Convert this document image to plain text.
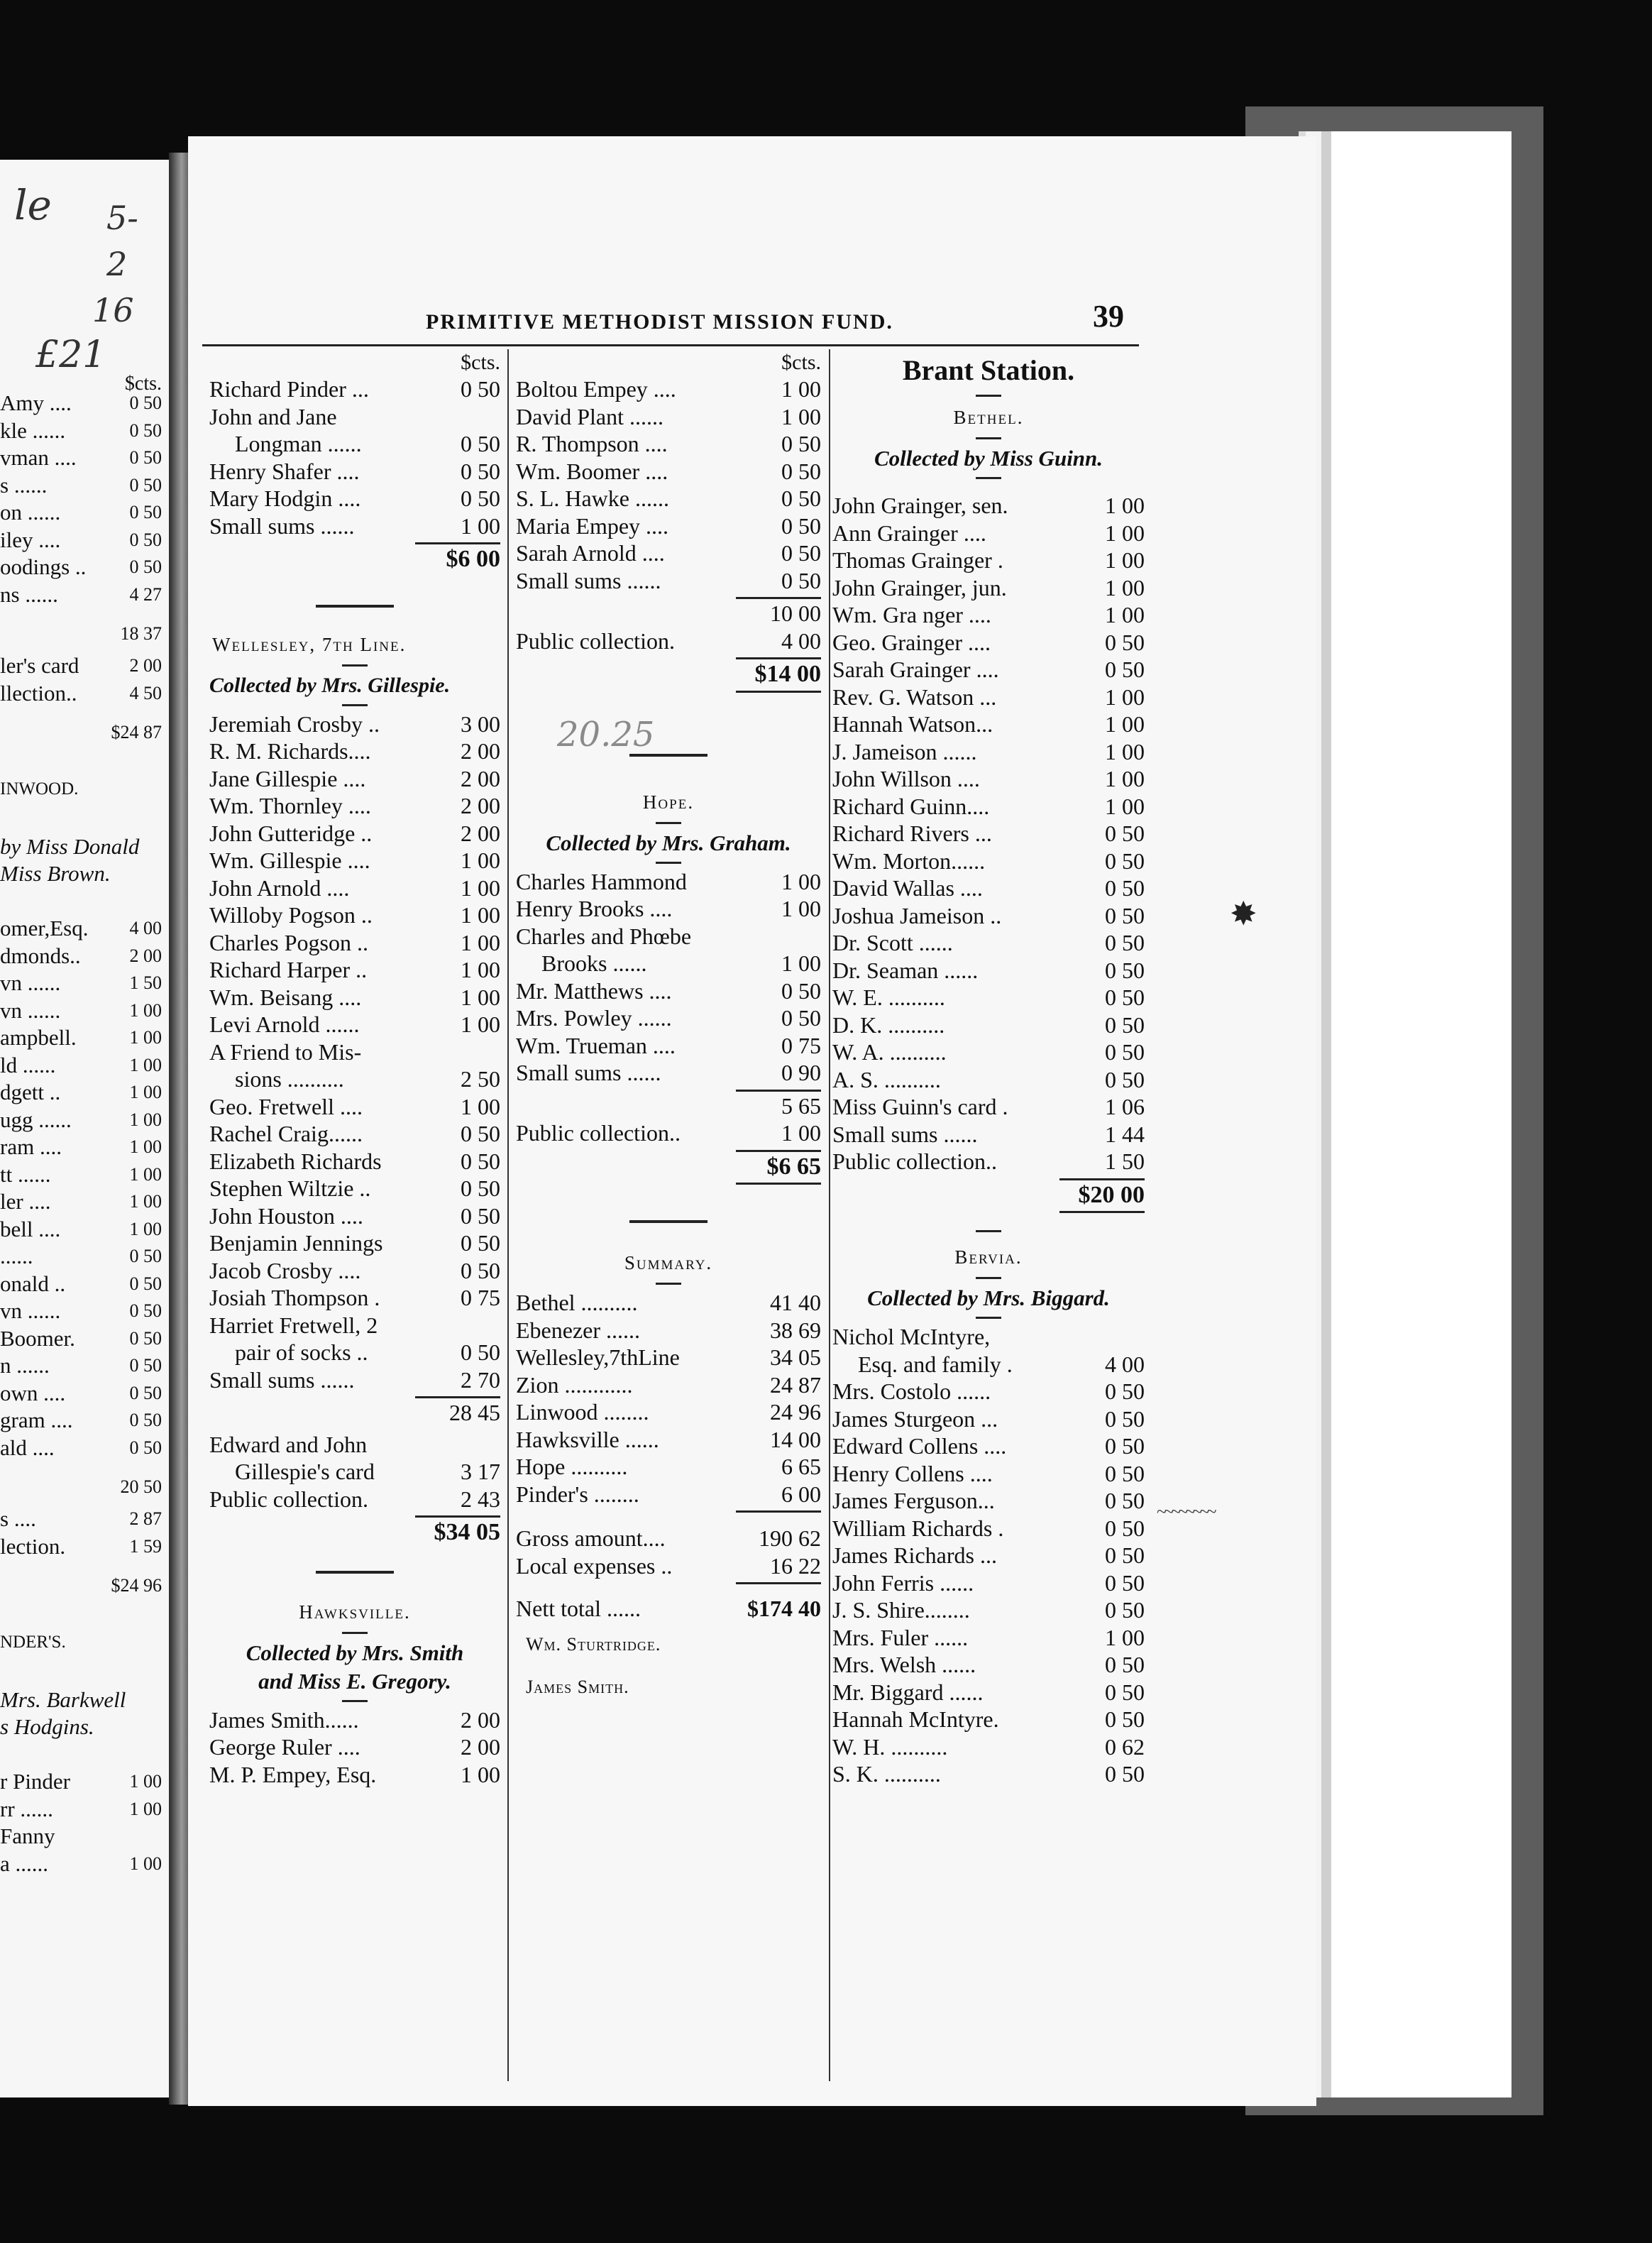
le 5-
2
16
£21
$cts.
Amy ....	0 50
kle ......	0 50
vman ....	0 50
s ......	0 50
on ......	0 50
iley ....	0 50
oodings .. 0 50
ns ......	4 27
18 37
ler's card	2 00
llection..	4 50
$24 87
INWOOD.
by Miss Donald
Miss Brown.
omer,Esq. 4 00
dmonds..	2 00
vn ......	1 50
vn ......	1 00
ampbell.	1 00
ld ......	1 00
dgett ..	1 00
ugg ......	1 00
ram ....	1 00
tt ......	1 00
ler ....	1 00
bell ....	1 00
......	0 50
onald ..	0 50
vn ......	0 50
Boomer.	0 50
n ......	0 50
own ....	0 50
gram ....	0 50
ald ....	0 50
20 50
s ....	2 87
lection.	1 59
$24 96
NDER'S.
Mrs. Barkwell
s Hodgins.
r Pinder	1 00
rr ......	1 00
Fanny
a ......	1 00
PRIMITIVE METHODIST MISSION FUND.	39
20.25
✸
~~~~~~~~
$cts.
Richard Pinder ...	0 50
John and Jane
Longman ......	0 50
Henry Shafer ....	0 50
Mary Hodgin ....	0 50
Small sums ......	1 00
$6 00
Wellesley, 7th Line.
Collected by Mrs. Gillespie.
Jeremiah Crosby ..	3 00
R. M. Richards....	2 00
Jane Gillespie ....	2 00
Wm. Thornley ....	2 00
John Gutteridge ..	2 00
Wm. Gillespie ....	1 00
John Arnold ....	1 00
Willoby Pogson ..	1 00
Charles Pogson ..	1 00
Richard Harper ..	1 00
Wm. Beisang ....	1 00
Levi Arnold ......	1 00
A Friend to Mis-
sions ..........	2 50
Geo. Fretwell ....	1 00
Rachel Craig......	0 50
Elizabeth Richards	0 50
Stephen Wiltzie ..	0 50
John Houston ....	0 50
Benjamin Jennings	0 50
Jacob Crosby ....	0 50
Josiah Thompson .	0 75
Harriet Fretwell, 2
pair of socks ..	0 50
Small sums ......	2 70
28 45
Edward and John
Gillespie's card	3 17
Public collection.	2 43
$34 05
Hawksville.
Collected by Mrs. Smith
and Miss E. Gregory.
James Smith......	2 00
George Ruler ....	2 00
M. P. Empey, Esq.	1 00
$cts.
Boltou Empey ....	1 00
David Plant ......	1 00
R. Thompson ....	0 50
Wm. Boomer ....	0 50
S. L. Hawke ......	0 50
Maria Empey ....	0 50
Sarah Arnold ....	0 50
Small sums ......	0 50
10 00
Public collection.	4 00
$14 00
Hope.
Collected by Mrs. Graham.
Charles Hammond	1 00
Henry Brooks ....	1 00
Charles and Phœbe
Brooks ......	1 00
Mr. Matthews ....	0 50
Mrs. Powley ......	0 50
Wm. Trueman ....	0 75
Small sums ......	0 90
5 65
Public collection..	1 00
$6 65
Summary.
Bethel ..........	41 40
Ebenezer ......	38 69
Wellesley,7thLine	34 05
Zion ............	24 87
Linwood ........	24 96
Hawksville ......	14 00
Hope ..........	6 65
Pinder's ........	6 00
Gross amount....	190 62
Local expenses ..	16 22
Nett total ......	$174 40
Wm. Sturtridge.
James Smith.
Brant Station.
Bethel.
Collected by Miss Guinn.
John Grainger, sen.	1 00
Ann Grainger ....	1 00
Thomas Grainger .	1 00
John Grainger, jun.	1 00
Wm. Gra nger ....	1 00
Geo. Grainger ....	0 50
Sarah Grainger ....	0 50
Rev. G. Watson ...	1 00
Hannah Watson...	1 00
J. Jameison ......	1 00
John Willson ....	1 00
Richard Guinn....	1 00
Richard Rivers ...	0 50
Wm. Morton......	0 50
David Wallas ....	0 50
Joshua Jameison ..	0 50
Dr. Scott ......	0 50
Dr. Seaman ......	0 50
W. E. ..........	0 50
D. K. ..........	0 50
W. A. ..........	0 50
A. S. ..........	0 50
Miss Guinn's card .	1 06
Small sums ......	1 44
Public collection..	1 50
$20 00
Bervia.
Collected by Mrs. Biggard.
Nichol McIntyre,
Esq. and family .	4 00
Mrs. Costolo ......	0 50
James Sturgeon ...	0 50
Edward Collens ....	0 50
Henry Collens ....	0 50
James Ferguson...	0 50
William Richards .	0 50
James Richards ...	0 50
John Ferris ......	0 50
J. S. Shire........	0 50
Mrs. Fuler ......	1 00
Mrs. Welsh ......	0 50
Mr. Biggard ......	0 50
Hannah McIntyre.	0 50
W. H. ..........	0 62
S. K. ..........	0 50
